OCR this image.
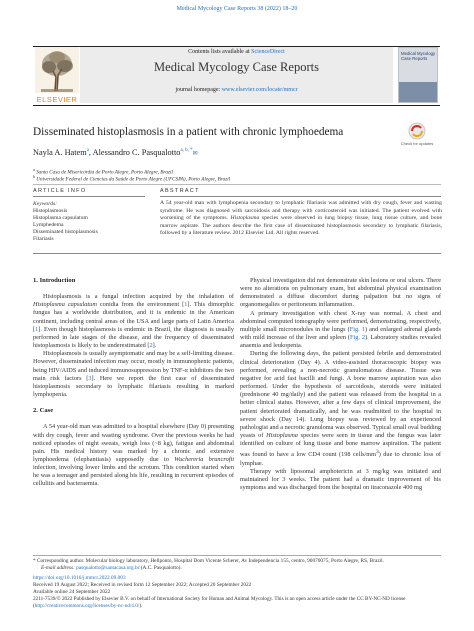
Medical Mycology Case Reports 38 (2022) 18–20
Contents lists available at ScienceDirect
Medical Mycology Case Reports
journal homepage: www.elsevier.com/locate/mmcr
ELSEVIER
Medical Mycology Case Reports
Disseminated histoplasmosis in a patient with chronic lymphoedema
Check for updates
Nayla A. Hatem$^a$, Alessandro C. Pasqualotto$^{a, b, *}$✉
$^a$ Santa Casa de Misericórdia de Porto Alegre, Porto Alegre, Brazil
$^b$ Universidade Federal de Ciencias da Saúde de Porto Alegre (UFCSPA), Porto Alegre, Brazil
ARTICLE INFO	ABSTRACT
Keywords:
Histoplasmosis
Histoplasma capsulatum
Lymphedema
Disseminated histoplasmosis
Filariasis
A 54 year-old man with lymphopenia secondary to lymphatic filariasis was admitted with dry cough, fever and wasting syndrome. He was diagnosed with sarcoidosis and therapy with corticosteroid was initiated. The patient evolved with worsening of the symptoms. Histoplasma species were observed in lung biopsy tissue, lung tissue culture, and bone marrow aspirate. The authors describe the first case of disseminated histoplasmosis secondary to lymphatic filariasis, followed by a literature review. 2012 Elsevier Ltd. All rights reserved.
1. Introduction

Histoplasmosis is a fungal infection acquired by the inhalation of Histoplasma capsulatum conidia from the environment [1]. This dimorphic fungus has a worldwide distribution, and it is endemic in the American continent, including central areas of the USA and large parts of Latin America [1]. Even though histoplasmosis is endemic in Brazil, the diagnosis is usually performed in late stages of the disease, and the frequency of disseminated histoplasmosis is likely to be underestimated [2].

Histoplasmosis is usually asymptomatic and may be a self-limiting disease. However, disseminated infection may occur, mostly in immunophenic patients, being HIV/AIDS and induced immunosuppression by TNF-α inhibitors the two main risk factors [3]. Here we report the first case of disseminated histoplasmosis secondary to lymphatic filariasis resulting in marked lymphopenia.

2. Case

A 54 year-old man was admitted to a hospital elsewhere (Day 0) presenting with dry cough, fever and wasting syndrome. Over the previous weeks he had noticed episodes of night sweats, weigh loss (~8 kg), fatigue and abdominal pain. His medical history was marked by a chronic and extensive lymphoedema (elephantiasis) supposedly due to Wuchereria bruncrofti infection, involving lower limbs and the scrotum. This condition started when he was a teenager and persisted along his life, resulting in recurrent episodes of cellulitis and bacteraemia.

Physical investigation did not demonstrate skin lesions or oral ulcers. There were no alterations on pulmonary exam, but abdominal physical examination demonstrated a diffuse discomfort during palpation but no signs of organomegalies or peritoneum inflammation.

A primary investigation with chest X-ray was normal. A chest and abdominal computed tomography were performed, demonstrating, respectively, multiple small micronodules in the lungs (Fig. 1) and enlarged adrenal glands with mild increase of the liver and spleen (Fig. 2). Laboratory studies revealed anaemia and leukopenia.

During the following days, the patient persisted febrile and demonstrated clinical deterioration (Day 4). A video-assisted thoracoscopic biopsy was performed, revealing a non-necrotic granulomatous disease. Tissue was negative for acid fast bacilli and fungi. A bone marrow aspiration was also performed. Under the hypothesis of sarcoidosis, steroids were initiated (prednisone 40 mg/daily) and the patient was released from the hospital in a better clinical status. However, after a few days of clinical improvement, the patient deteriorated dramatically, and he was readmitted to the hospital in severe shock (Day 14). Lung biopsy was reviewed by an experienced pathologist and a necrotic granuloma was observed. Typical small oval budding yeasts of Histoplasma species were seen in tissue and the fungus was later identified on culture of lung tissue and bone marrow aspiration. The patient was found to have a low CD4 count (198 cells/$mm^3$) due to chronic loss of lymphae.

Therapy with liposomal amphotericin at 3 mg/kg was initiated and maintained for 3 weeks. The patient had a dramatic improvement of his symptoms and was discharged from the hospital on itraconazole 400 mg

* Corresponding author. Molecular biology laboratory, Hellponto, Hospital Dom Vicente Scherer, Av Independencia 155, centro, 90070075, Porto Alegre, RS, Brazil.
E-mail address: pasqualotto@santacasa.org.br (A.C. Pasqualotto).
https://doi.org/10.1016/j.mmcr.2022.09.003
Received 19 August 2022; Received in revised form 12 September 2022; Accepted 20 September 2022
Available online 24 September 2022
2211-7539/© 2022 Published by Elsevier B.V. on behalf of International Society for Human and Animal Mycology. This is an open access article under the CC BY-NC-ND license (http://creativecommons.org/licenses/by-nc-nd/4.0/).
